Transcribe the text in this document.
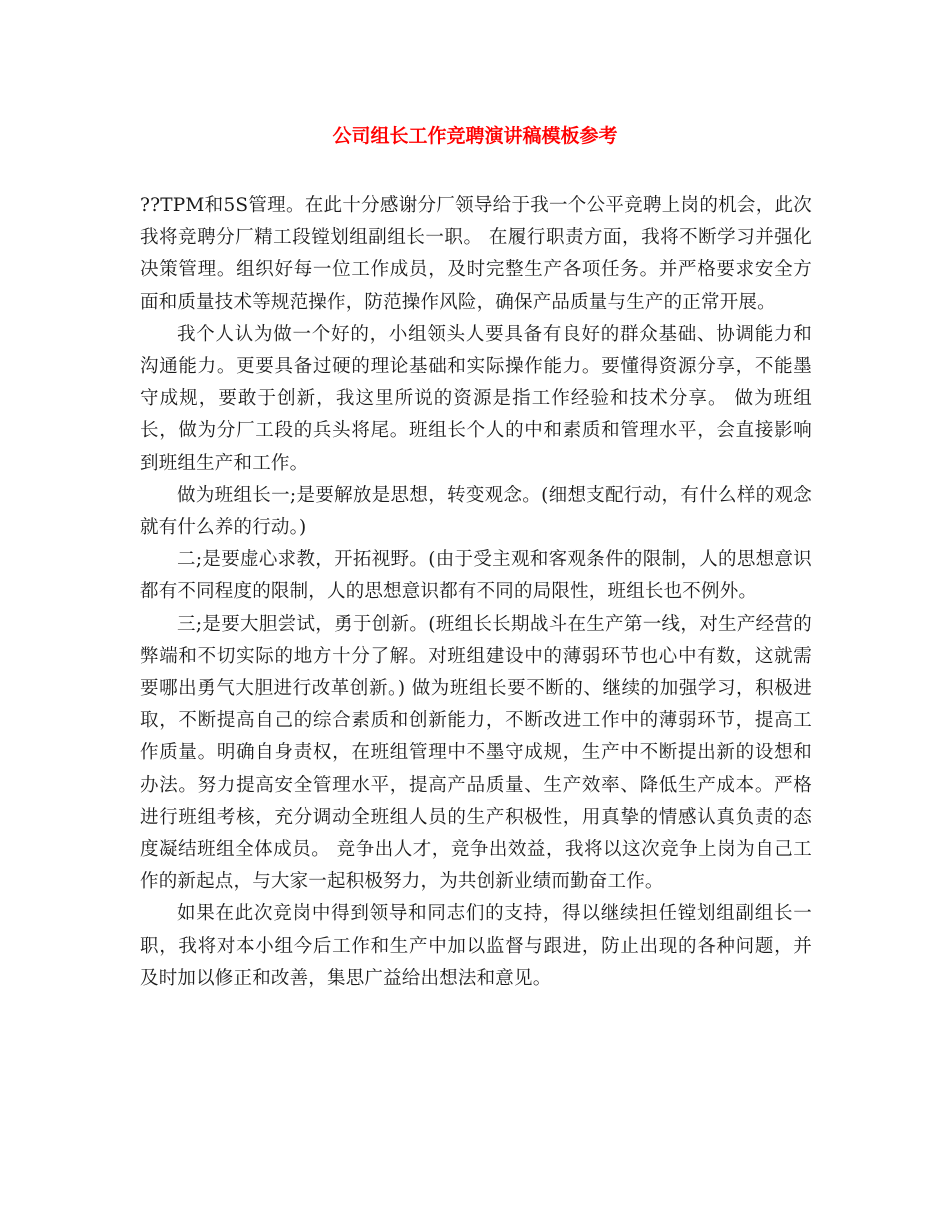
公司组长工作竞聘演讲稿模板参考

??TPM和5S管理。在此十分感谢分厂领导给于我一个公平竞聘上岗的机会，此次我将竞聘分厂精工段镗划组副组长一职。 在履行职责方面，我将不断学习并强化决策管理。组织好每一位工作成员，及时完整生产各项任务。并严格要求安全方面和质量技术等规范操作，防范操作风险，确保产品质量与生产的正常开展。

我个人认为做一个好的，小组领头人要具备有良好的群众基础、协调能力和沟通能力。更要具备过硬的理论基础和实际操作能力。要懂得资源分享，不能墨守成规，要敢于创新，我这里所说的资源是指工作经验和技术分享。 做为班组长，做为分厂工段的兵头将尾。班组长个人的中和素质和管理水平，会直接影响到班组生产和工作。

做为班组长一;是要解放是思想，转变观念。(细想支配行动，有什么样的观念就有什么养的行动。)

二;是要虚心求教，开拓视野。(由于受主观和客观条件的限制，人的思想意识都有不同程度的限制，人的思想意识都有不同的局限性，班组长也不例外。

三;是要大胆尝试，勇于创新。(班组长长期战斗在生产第一线，对生产经营的弊端和不切实际的地方十分了解。对班组建设中的薄弱环节也心中有数，这就需要哪出勇气大胆进行改革创新。) 做为班组长要不断的、继续的加强学习，积极进取，不断提高自己的综合素质和创新能力，不断改进工作中的薄弱环节，提高工作质量。明确自身责权，在班组管理中不墨守成规，生产中不断提出新的设想和办法。努力提高安全管理水平，提高产品质量、生产效率、降低生产成本。严格进行班组考核，充分调动全班组人员的生产积极性，用真挚的情感认真负责的态度凝结班组全体成员。 竞争出人才，竞争出效益，我将以这次竞争上岗为自己工作的新起点，与大家一起积极努力，为共创新业绩而勤奋工作。

如果在此次竞岗中得到领导和同志们的支持，得以继续担任镗划组副组长一职，我将对本小组今后工作和生产中加以监督与跟进，防止出现的各种问题，并及时加以修正和改善，集思广益给出想法和意见。
